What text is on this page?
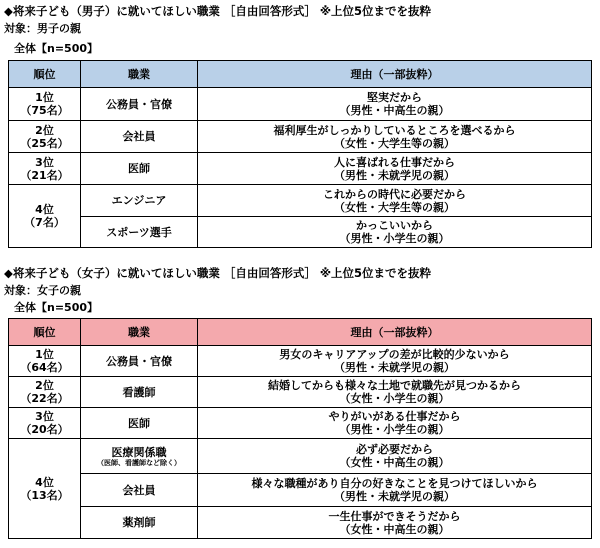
◆将来子ども（男子）に就いてほしい職業 ［自由回答形式］ ※上位5位までを抜粋
対象：男子の親
全体【n=500】
順位	職業	理由（一部抜粋）

1位
（75名）	公務員・官僚	堅実だから
（男性・中高生の親）

2位
（25名）	会社員	福利厚生がしっかりしているところを選べるから
（女性・大学生等の親）

3位
（21名）	医師	人に喜ばれる仕事だから
（男性・未就学児の親）

4位
（7名）	エンジニア	これからの時代に必要だから
（女性・大学生等の親）

	スポーツ選手	かっこいいから
（男性・小学生の親）
◆将来子ども（女子）に就いてほしい職業 ［自由回答形式］ ※上位5位までを抜粋
対象：女子の親
全体【n=500】
順位	職業	理由（一部抜粋）

1位
（64名）	公務員・官僚	男女のキャリアアップの差が比較的少ないから
（男性・未就学児の親）

2位
（22名）	看護師	結婚してからも様々な土地で就職先が見つかるから
（女性・小学生の親）

3位
（20名）	医師	やりがいがある仕事だから
（男性・小学生の親）

4位
（13名）	医療関係職
（医師、看護師など除く）	必ず必要だから
（女性・中高生の親）

	会社員	様々な職種があり自分の好きなことを見つけてほしいから
（男性・未就学児の親）

	薬剤師	一生仕事ができそうだから
（女性・中高生の親）
